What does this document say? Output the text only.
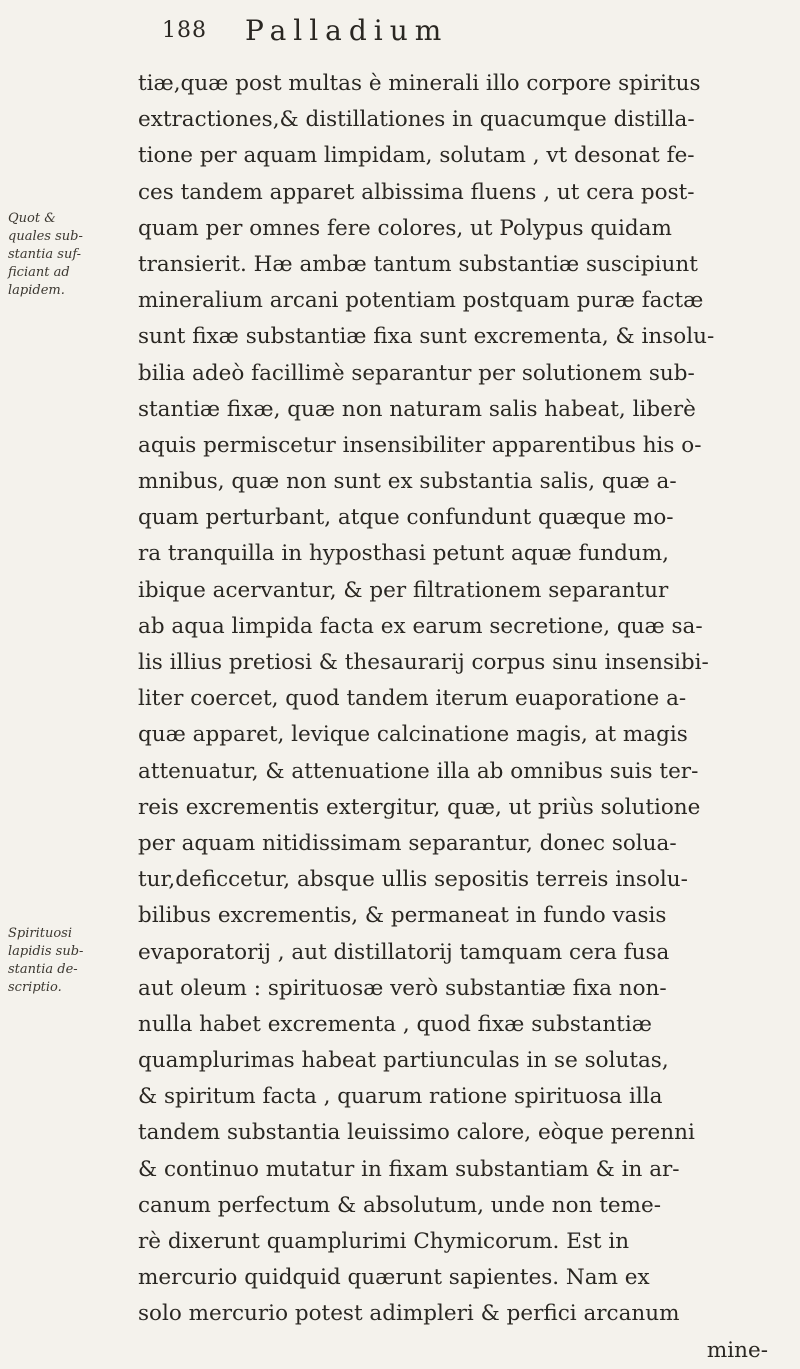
188 Palladium
Quot &
quales sub-
stantia suf-
ficiant ad
lapidem.
Spirituosi
lapidis sub-
stantia de-
scriptio.
tiæ,quæ post multas è minerali illo corpore spiritus
extractiones,& distillationes in quacumque distilla-
tione per aquam limpidam, solutam , vt desonat fe-
ces tandem apparet albissima fluens , ut cera post-
quam per omnes fere colores, ut Polypus quidam
transierit. Hæ ambæ tantum substantiæ suscipiunt
mineralium arcani potentiam postquam puræ factæ
sunt fixæ substantiæ fixa sunt excrementa, & insolu-
bilia adeò facillimè separantur per solutionem sub-
stantiæ fixæ, quæ non naturam salis habeat, liberè
aquis permiscetur insensibiliter apparentibus his o-
mnibus, quæ non sunt ex substantia salis, quæ a-
quam perturbant, atque confundunt quæque mo-
ra tranquilla in hyposthasi petunt aquæ fundum,
ibique acervantur, & per filtrationem separantur
ab aqua limpida facta ex earum secretione, quæ sa-
lis illius pretiosi & thesaurarij corpus sinu insensibi-
liter coercet, quod tandem iterum euaporatione a-
quæ apparet, levique calcinatione magis, at magis
attenuatur, & attenuatione illa ab omnibus suis ter-
reis excrementis extergitur, quæ, ut priùs solutione
per aquam nitidissimam separantur, donec solua-
tur,deficcetur, absque ullis sepositis terreis insolu-
bilibus excrementis, & permaneat in fundo vasis
evaporatorij , aut distillatorij tamquam cera fusa
aut oleum : spirituosæ verò substantiæ fixa non-
nulla habet excrementa , quod fixæ substantiæ
quamplurimas habeat partiunculas in se solutas,
& spiritum facta , quarum ratione spirituosa illa
tandem substantia leuissimo calore, eòque perenni
& continuo mutatur in fixam substantiam & in ar-
canum perfectum & absolutum, unde non teme-
rè dixerunt quamplurimi Chymicorum. Est in
mercurio quidquid quærunt sapientes. Nam ex
solo mercurio potest adimpleri & perfici arcanum
mine-
